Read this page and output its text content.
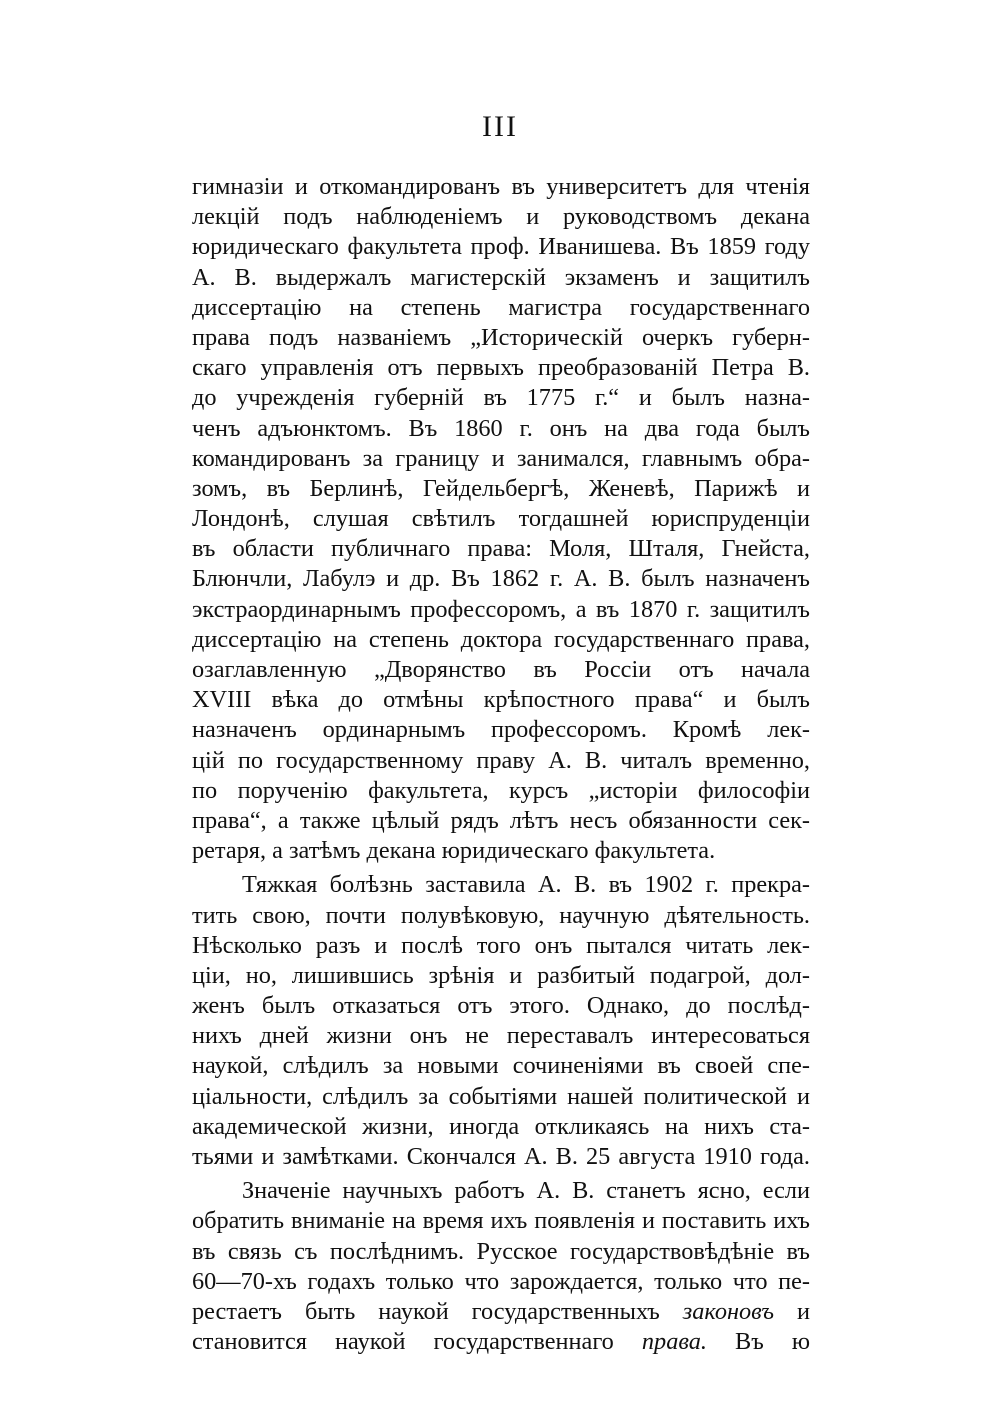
III
гимназіи и откомандированъ въ университетъ для чтенія
лекцій подъ наблюденіемъ и руководствомъ декана
юридическаго факультета проф. Иванишева. Въ 1859 году
А. В. выдержалъ магистерскій экзаменъ и защитилъ
диссертацію на степень магистра государственнаго
права подъ названіемъ „Историческій очеркъ губерн-
скаго управленія отъ первыхъ преобразованій Петра В.
до учрежденія губерній въ 1775 г.“ и былъ назна-
ченъ адъюнктомъ. Въ 1860 г. онъ на два года былъ
командированъ за границу и занимался, главнымъ обра-
зомъ, въ Берлинѣ, Гейдельбергѣ, Женевѣ, Парижѣ и
Лондонѣ, слушая свѣтилъ тогдашней юриспруденціи
въ области публичнаго права: Моля, Шталя, Гнейста,
Блюнчли, Лабулэ и др. Въ 1862 г. А. В. былъ назначенъ
экстраординарнымъ профессоромъ, а въ 1870 г. защитилъ
диссертацію на степень доктора государственнаго права,
озаглавленную „Дворянство въ Россіи отъ начала
XVIII вѣка до отмѣны крѣпостного права“ и былъ
назначенъ ординарнымъ профессоромъ. Кромѣ лек-
цій по государственному праву А. В. читалъ временно,
по порученію факультета, курсъ „исторіи философіи
права“, а также цѣлый рядъ лѣтъ несъ обязанности сек-
ретаря, а затѣмъ декана юридическаго факультета.
Тяжкая болѣзнь заставила А. В. въ 1902 г. прекра-
тить свою, почти полувѣковую, научную дѣятельность.
Нѣсколько разъ и послѣ того онъ пытался читать лек-
ціи, но, лишившись зрѣнія и разбитый подагрой, дол-
женъ былъ отказаться отъ этого. Однако, до послѣд-
нихъ дней жизни онъ не переставалъ интересоваться
наукой, слѣдилъ за новыми сочиненіями въ своей спе-
ціальности, слѣдилъ за событіями нашей политической и
академической жизни, иногда откликаясь на нихъ ста-
тьями и замѣтками. Скончался А. В. 25 августа 1910 года.
Значеніе научныхъ работъ А. В. станетъ ясно, если
обратить вниманіе на время ихъ появленія и поставить ихъ
въ связь съ послѣднимъ. Русское государствовѣдѣніе въ
60—70-хъ годахъ только что зарождается, только что пе-
рестаетъ быть наукой государственныхъ законовъ и
становится наукой государственнаго права. Въ ю
